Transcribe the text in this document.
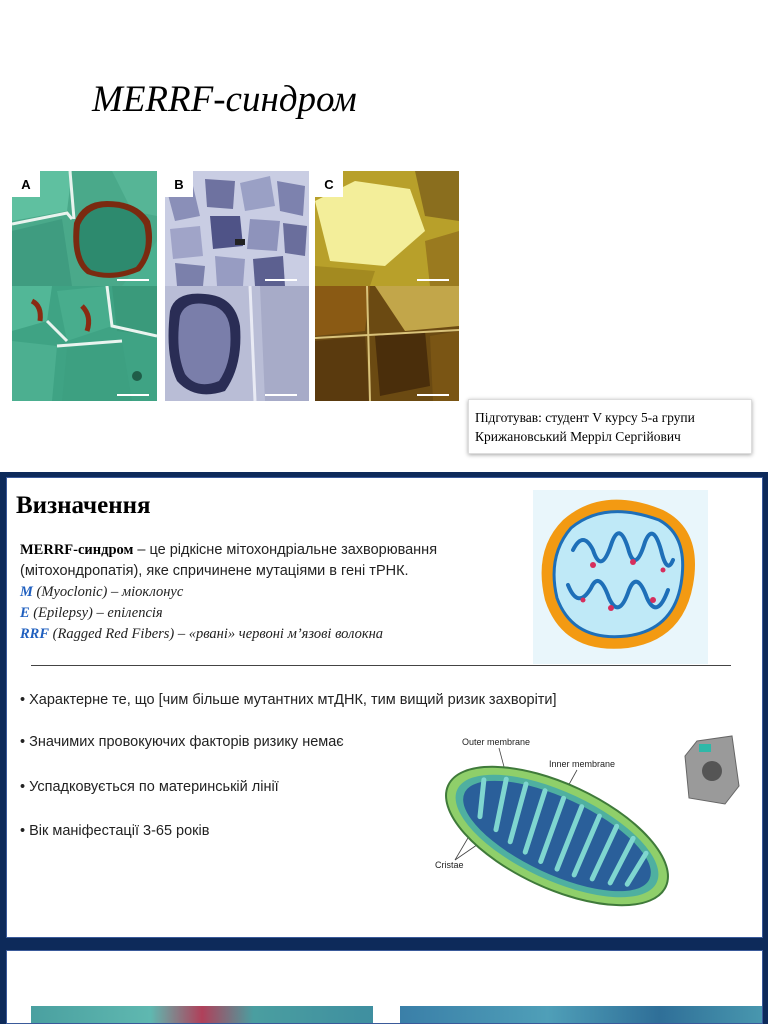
MERRF-синдром
A	B	C
Підготував: студент V курсу 5-а групи
Крижановський Меррiл Сергійович
Визначення
MERRF-синдром – це рідкісне мітохондріальне захворювання (мітохондропатія), яке спричинене мутаціями в гені тРНК.
M (Myoclonic) – міоклонус
E (Epilepsy) – епілепсія
RRF (Ragged Red Fibers) – «рвані» червоні м’язові волокна
• Характерне те, що [чим більше мутантних мтДНК, тим вищий ризик захворіти]
• Значимих провокуючих факторів ризику немає
• Успадковується по материнській лінії
• Вік маніфестації 3-65 років
Outer membrane
Inner membrane
Cristae
